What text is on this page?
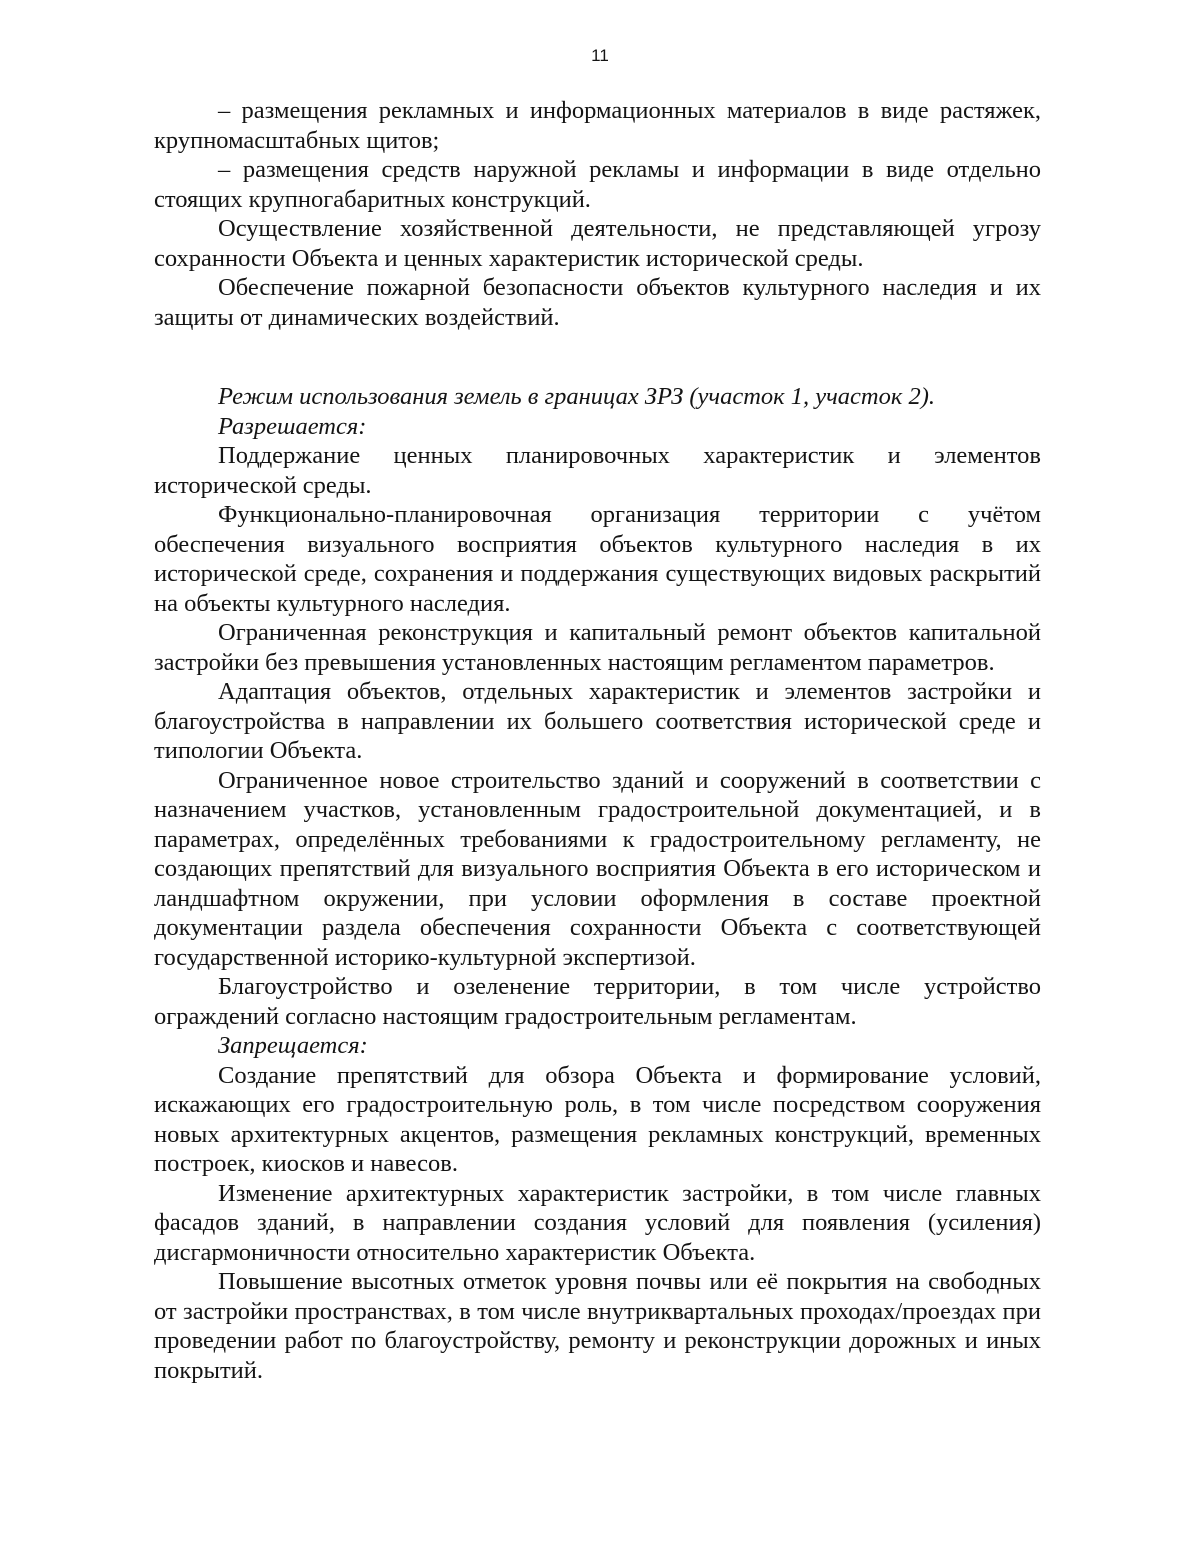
11

– размещения рекламных и информационных материалов в виде растяжек, крупномасштабных щитов;

– размещения средств наружной рекламы и информации в виде отдельно стоящих крупногабаритных конструкций.

Осуществление хозяйственной деятельности, не представляющей угрозу сохранности Объекта и ценных характеристик исторической среды.

Обеспечение пожарной безопасности объектов культурного наследия и их защиты от динамических воздействий.

Режим использования земель в границах ЗРЗ (участок 1, участок 2).

Разрешается:

Поддержание ценных планировочных характеристик и элементов исторической среды.

Функционально-планировочная организация территории с учётом обеспечения визуального восприятия объектов культурного наследия в их исторической среде, сохранения и поддержания существующих видовых раскрытий на объекты культурного наследия.

Ограниченная реконструкция и капитальный ремонт объектов капитальной застройки без превышения установленных настоящим регламентом параметров.

Адаптация объектов, отдельных характеристик и элементов застройки и благоустройства в направлении их большего соответствия исторической среде и типологии Объекта.

Ограниченное новое строительство зданий и сооружений в соответствии с назначением участков, установленным градостроительной документацией, и в параметрах, определённых требованиями к градостроительному регламенту, не создающих препятствий для визуального восприятия Объекта в его историческом и ландшафтном окружении, при условии оформления в составе проектной документации раздела обеспечения сохранности Объекта с соответствующей государственной историко-культурной экспертизой.

Благоустройство и озеленение территории, в том числе устройство ограждений согласно настоящим градостроительным регламентам.

Запрещается:

Создание препятствий для обзора Объекта и формирование условий, искажающих его градостроительную роль, в том числе посредством сооружения новых архитектурных акцентов, размещения рекламных конструкций, временных построек, киосков и навесов.

Изменение архитектурных характеристик застройки, в том числе главных фасадов зданий, в направлении создания условий для появления (усиления) дисгармоничности относительно характеристик Объекта.

Повышение высотных отметок уровня почвы или её покрытия на свободных от застройки пространствах, в том числе внутриквартальных проходах/проездах при проведении работ по благоустройству, ремонту и реконструкции дорожных и иных покрытий.
